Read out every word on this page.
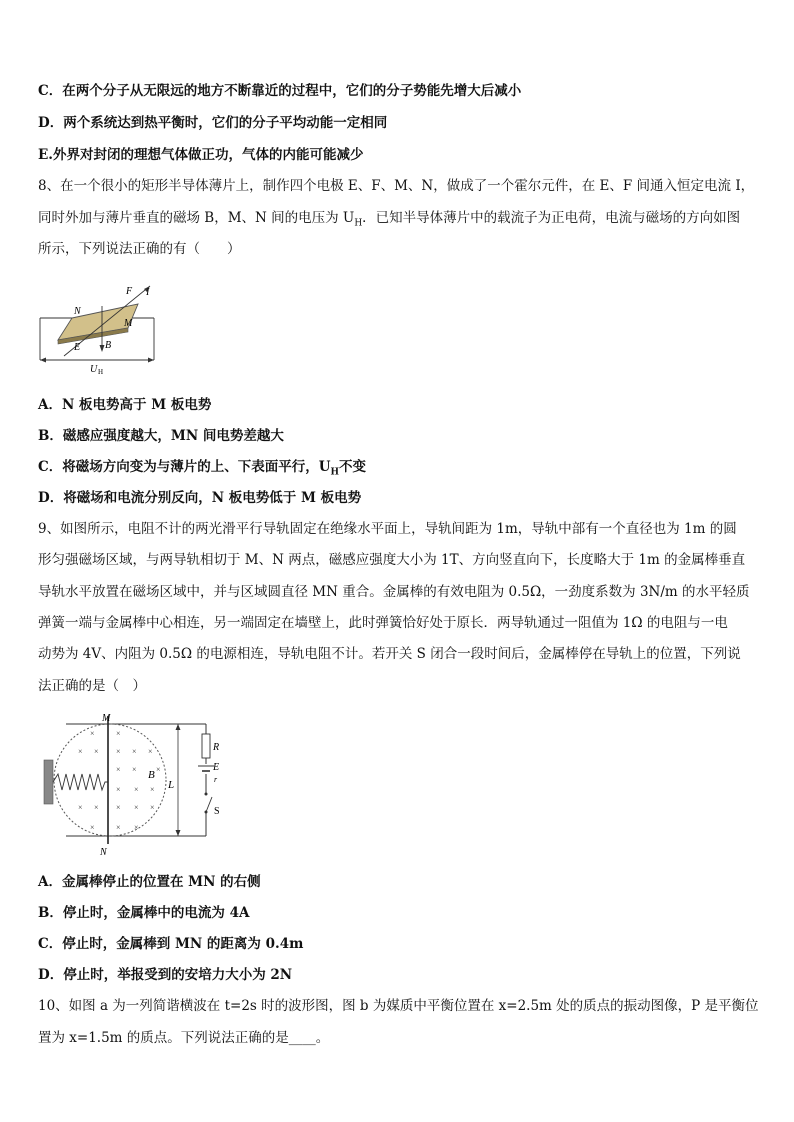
C．在两个分子从无限远的地方不断靠近的过程中，它们的分子势能先增大后减小
D．两个系统达到热平衡时，它们的分子平均动能一定相同
E.外界对封闭的理想气体做正功，气体的内能可能减少
8、在一个很小的矩形半导体薄片上，制作四个电极 E、F、M、N，做成了一个霍尔元件，在 E、F 间通入恒定电流 I，
同时外加与薄片垂直的磁场 B，M、N 间的电压为 $U_H$．已知半导体薄片中的载流子为正电荷，电流与磁场的方向如图
所示，下列说法正确的有（　　）
N
F I
M
E B
U H
A．N 板电势高于 M 板电势
B．磁感应强度越大，MN 间电势差越大
C．将磁场方向变为与薄片的上、下表面平行，$U_H$不变
D．将磁场和电流分别反向，N 板电势低于 M 板电势
9、如图所示，电阻不计的两光滑平行导轨固定在绝缘水平面上，导轨间距为 1m，导轨中部有一个直径也为 1m 的圆
形匀强磁场区域，与两导轨相切于 M、N 两点，磁感应强度大小为 1T、方向竖直向下，长度略大于 1m 的金属棒垂直
导轨水平放置在磁场区域中，并与区域圆直径 MN 重合。金属棒的有效电阻为 0.5Ω，一劲度系数为 3N/m 的水平轻质
弹簧一端与金属棒中心相连，另一端固定在墙壁上，此时弹簧恰好处于原长．两导轨通过一阻值为 1Ω 的电阻与一电
动势为 4V、内阻为 0.5Ω 的电源相连，导轨电阻不计。若开关 S 闭合一段时间后，金属棒停在导轨上的位置，下列说
法正确的是（　）
×	×
× × × × ×
× × ×
× × ×
× × × × ×
×	× ×
M
N
B
L
R
E
r
S
A．金属棒停止的位置在 MN 的右侧
B．停止时，金属棒中的电流为 4A
C．停止时，金属棒到 MN 的距离为 0.4m
D．停止时，举报受到的安培力大小为 2N
10、如图 a 为一列简谐横波在 t=2s 时的波形图，图 b 为媒质中平衡位置在 x=2.5m 处的质点的振动图像，P 是平衡位
置为 x=1.5m 的质点。下列说法正确的是____。
